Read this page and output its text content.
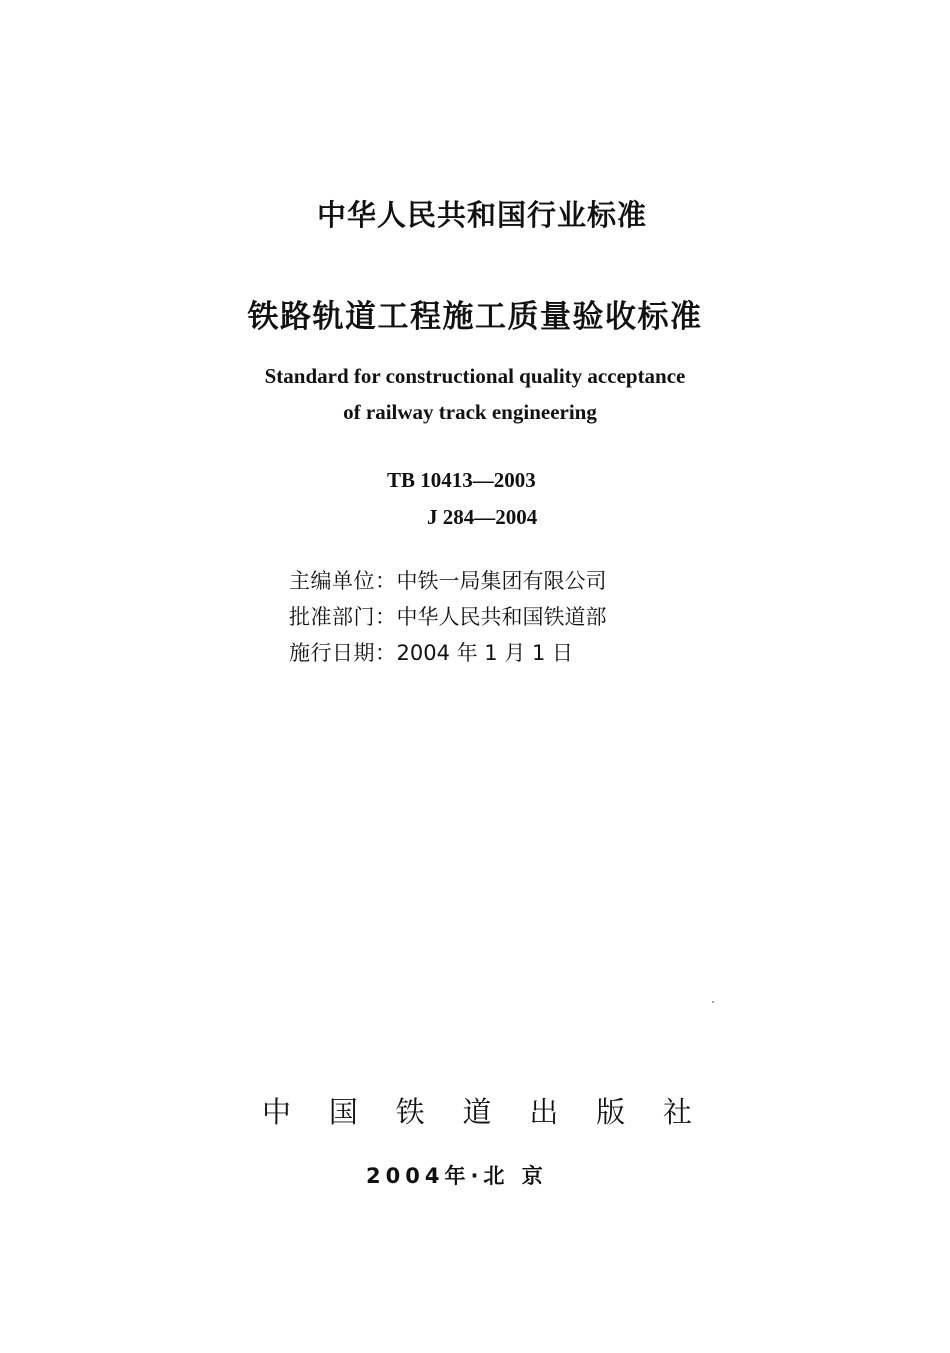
中华人民共和国行业标准
铁路轨道工程施工质量验收标准
Standard for constructional quality acceptance
of railway track engineering
TB 10413—2003
J 284—2004
主编单位：中铁一局集团有限公司
批准部门：中华人民共和国铁道部
施行日期：2004 年 1 月 1 日
中 国 铁 道 出 版 社
2004年·北 京
